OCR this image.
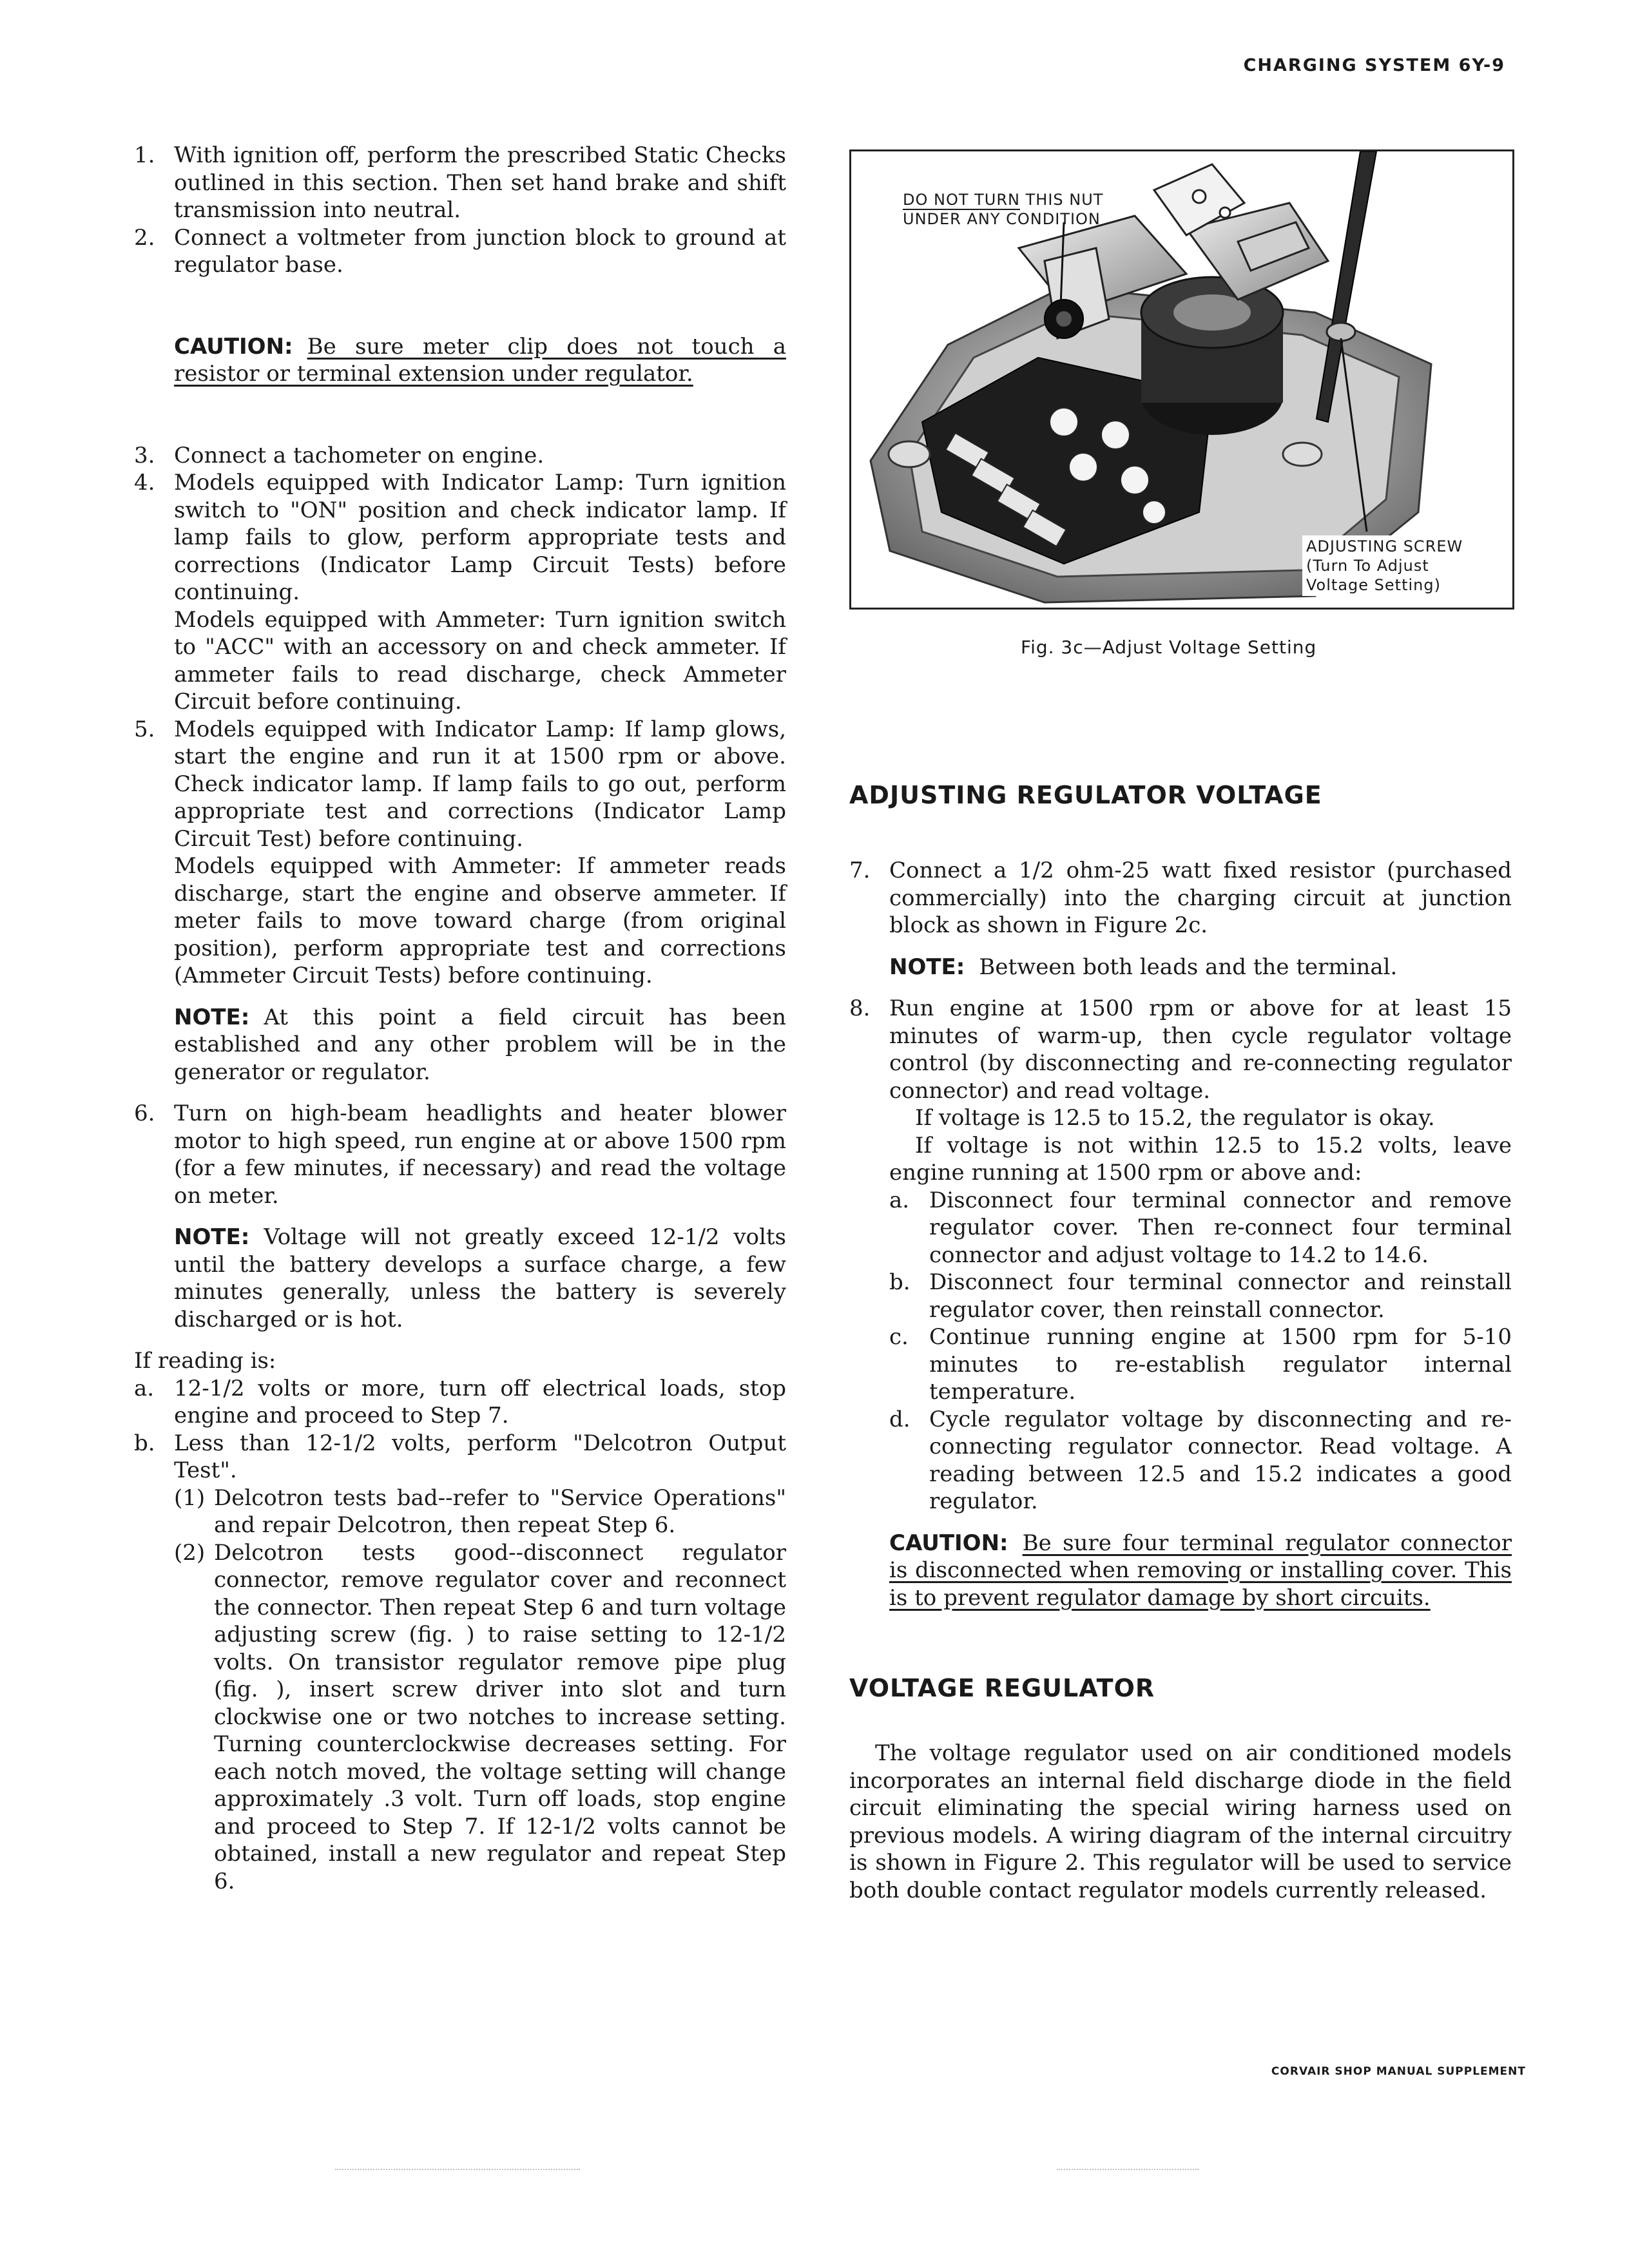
CHARGING SYSTEM 6Y-9
1. With ignition off, perform the prescribed Static Checks outlined in this section. Then set hand brake and shift transmission into neutral.

2. Connect a voltmeter from junction block to ground at regulator base.

CAUTION: Be sure meter clip does not touch a resistor or terminal extension under regulator.
3. Connect a tachometer on engine.

4. Models equipped with Indicator Lamp: Turn ignition switch to "ON" position and check indicator lamp. If lamp fails to glow, perform appropriate tests and corrections (Indicator Lamp Circuit Tests) before continuing.

Models equipped with Ammeter: Turn ignition switch to "ACC" with an accessory on and check ammeter. If ammeter fails to read discharge, check Ammeter Circuit before continuing.

5. Models equipped with Indicator Lamp: If lamp glows, start the engine and run it at 1500 rpm or above. Check indicator lamp. If lamp fails to go out, perform appropriate test and corrections (Indicator Lamp Circuit Test) before continuing.

Models equipped with Ammeter: If ammeter reads discharge, start the engine and observe ammeter. If meter fails to move toward charge (from original position), perform appropriate test and corrections (Ammeter Circuit Tests) before continuing.

NOTE: At this point a field circuit has been established and any other problem will be in the generator or regulator.
6. Turn on high-beam headlights and heater blower motor to high speed, run engine at or above 1500 rpm (for a few minutes, if necessary) and read the voltage on meter.

NOTE: Voltage will not greatly exceed 12-1/2 volts until the battery develops a surface charge, a few minutes generally, unless the battery is severely discharged or is hot.

If reading is:

a. 12-1/2 volts or more, turn off electrical loads, stop engine and proceed to Step 7.

b. Less than 12-1/2 volts, perform "Delcotron Output Test".

(1) Delcotron tests bad--refer to "Service Operations" and repair Delcotron, then repeat Step 6.

(2) Delcotron tests good--disconnect regulator connector, remove regulator cover and reconnect the connector. Then repeat Step 6 and turn voltage adjusting screw (fig. ) to raise setting to 12-1/2 volts. On transistor regulator remove pipe plug (fig. ), insert screw driver into slot and turn clockwise one or two notches to increase setting. Turning counterclockwise decreases setting. For each notch moved, the voltage setting will change approximately .3 volt. Turn off loads, stop engine and proceed to Step 7. If 12-1/2 volts cannot be obtained, install a new regulator and repeat Step 6.

DO NOT TURN THIS NUT
UNDER ANY CONDITION
ADJUSTING SCREW
(Turn To Adjust
Voltage Setting)
Fig. 3c—Adjust Voltage Setting
ADJUSTING REGULATOR VOLTAGE
7. Connect a 1/2 ohm-25 watt fixed resistor (purchased commercially) into the charging circuit at junction block as shown in Figure 2c.

NOTE: Between both leads and the terminal.
8. Run engine at 1500 rpm or above for at least 15 minutes of warm-up, then cycle regulator voltage control (by disconnecting and re-connecting regulator connector) and read voltage.

If voltage is 12.5 to 15.2, the regulator is okay.

If voltage is not within 12.5 to 15.2 volts, leave engine running at 1500 rpm or above and:

a. Disconnect four terminal connector and remove regulator cover. Then re-connect four terminal connector and adjust voltage to 14.2 to 14.6.

b. Disconnect four terminal connector and reinstall regulator cover, then reinstall connector.

c. Continue running engine at 1500 rpm for 5-10 minutes to re-establish regulator internal temperature.

d. Cycle regulator voltage by disconnecting and re-connecting regulator connector. Read voltage. A reading between 12.5 and 15.2 indicates a good regulator.

CAUTION: Be sure four terminal regulator connector is disconnected when removing or installing cover. This is to prevent regulator damage by short circuits.
VOLTAGE REGULATOR
The voltage regulator used on air conditioned models incorporates an internal field discharge diode in the field circuit eliminating the special wiring harness used on previous models. A wiring diagram of the internal circuitry is shown in Figure 2. This regulator will be used to service both double contact regulator models currently released.
CORVAIR SHOP MANUAL SUPPLEMENT
